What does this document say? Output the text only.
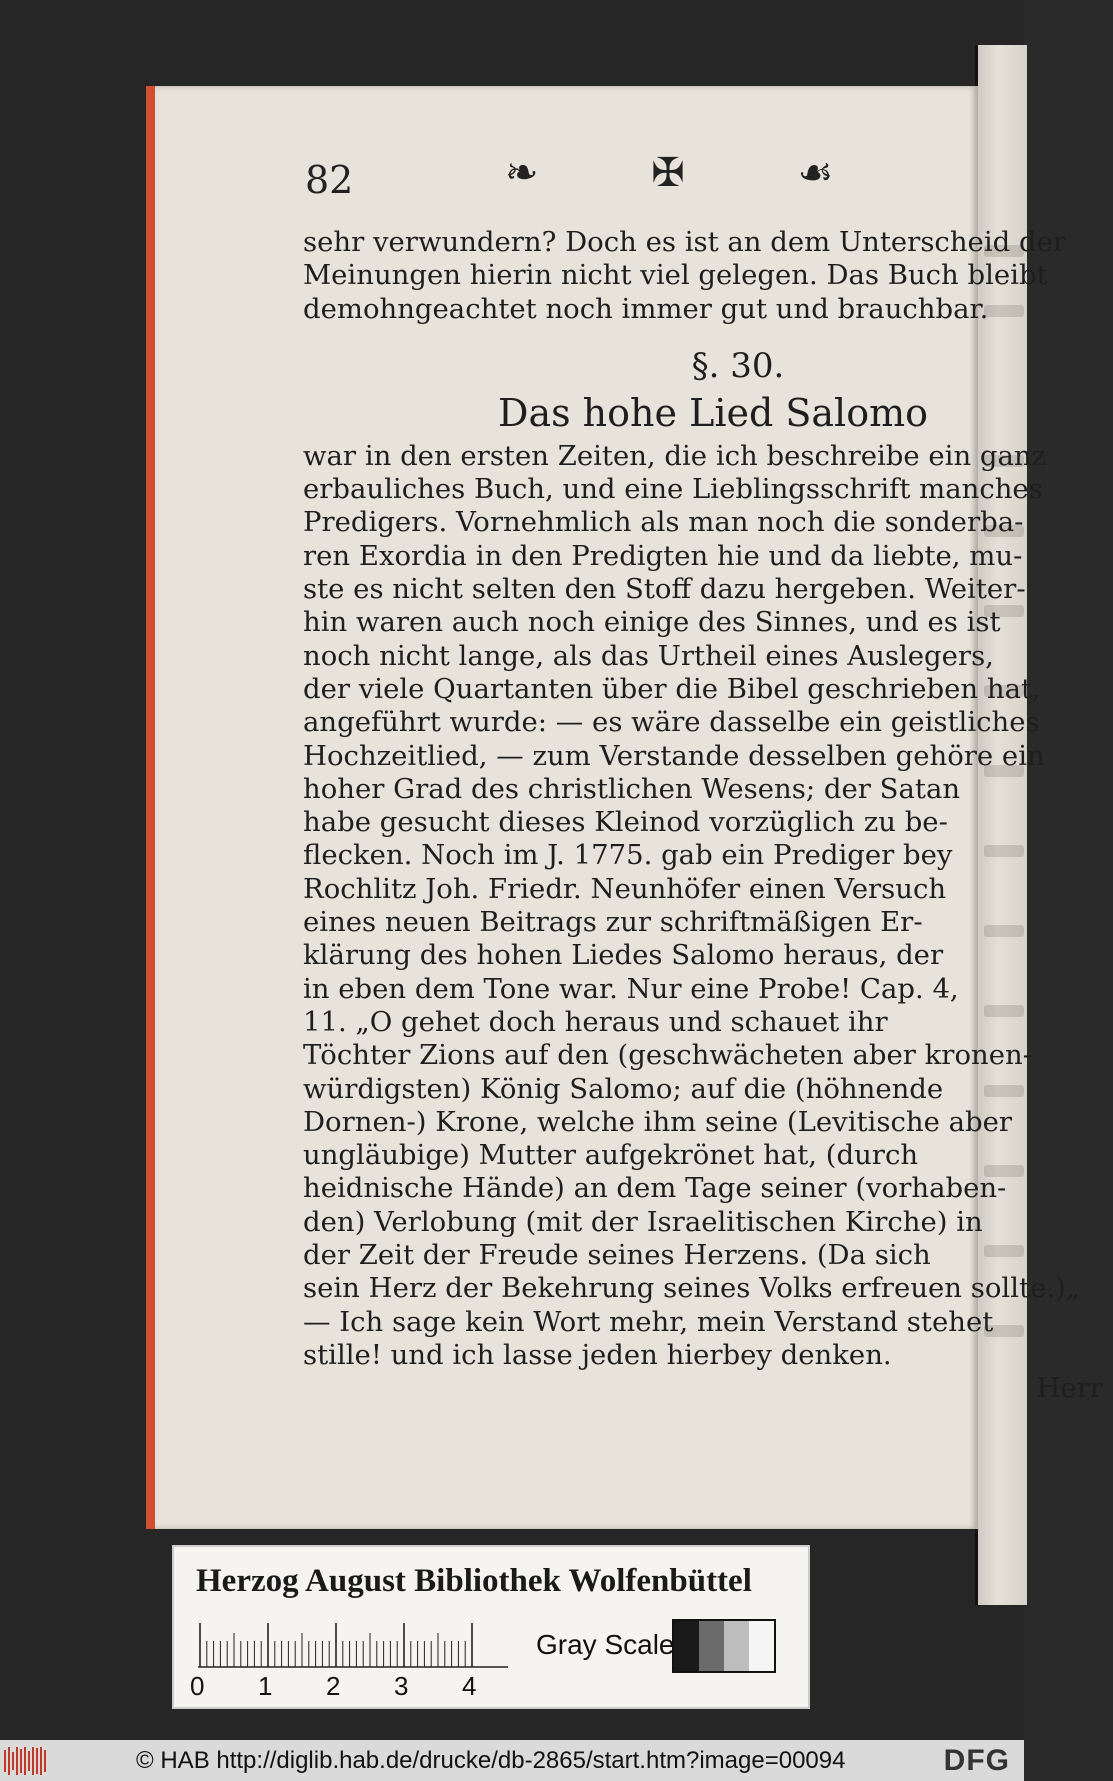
82	❧ ✠ ☙
sehr verwundern? Doch es ist an dem Unterscheid der
Meinungen hierin nicht viel gelegen. Das Buch bleibt
demohngeachtet noch immer gut und brauchbar.
§. 30.
Das hohe Lied Salomo
war in den ersten Zeiten, die ich beschreibe ein ganz
erbauliches Buch, und eine Lieblingsschrift manches
Predigers. Vornehmlich als man noch die sonderba-
ren Exordia in den Predigten hie und da liebte, mu-
ste es nicht selten den Stoff dazu hergeben. Weiter-
hin waren auch noch einige des Sinnes, und es ist
noch nicht lange, als das Urtheil eines Auslegers,
der viele Quartanten über die Bibel geschrieben hat,
angeführt wurde: — es wäre dasselbe ein geistliches
Hochzeitlied, — zum Verstande desselben gehöre ein
hoher Grad des christlichen Wesens; der Satan
habe gesucht dieses Kleinod vorzüglich zu be-
flecken. Noch im J. 1775. gab ein Prediger bey
Rochlitz Joh. Friedr. Neunhöfer einen Versuch
eines neuen Beitrags zur schriftmäßigen Er-
klärung des hohen Liedes Salomo heraus, der
in eben dem Tone war. Nur eine Probe! Cap. 4,
11. „O gehet doch heraus und schauet ihr
Töchter Zions auf den (geschwächeten aber kronen-
würdigsten) König Salomo; auf die (höhnende
Dornen-) Krone, welche ihm seine (Levitische aber
ungläubige) Mutter aufgekrönet hat, (durch
heidnische Hände) an dem Tage seiner (vorhaben-
den) Verlobung (mit der Israelitischen Kirche) in
der Zeit der Freude seines Herzens. (Da sich
sein Herz der Bekehrung seines Volks erfreuen sollte.)„
— Ich sage kein Wort mehr, mein Verstand stehet
stille! und ich lasse jeden hierbey denken.
Herr
Herzog August Bibliothek Wolfenbüttel
0 1 2 3 4
Gray Scale
© HAB http://diglib.hab.de/drucke/db-2865/start.htm?image=00094	DFG
